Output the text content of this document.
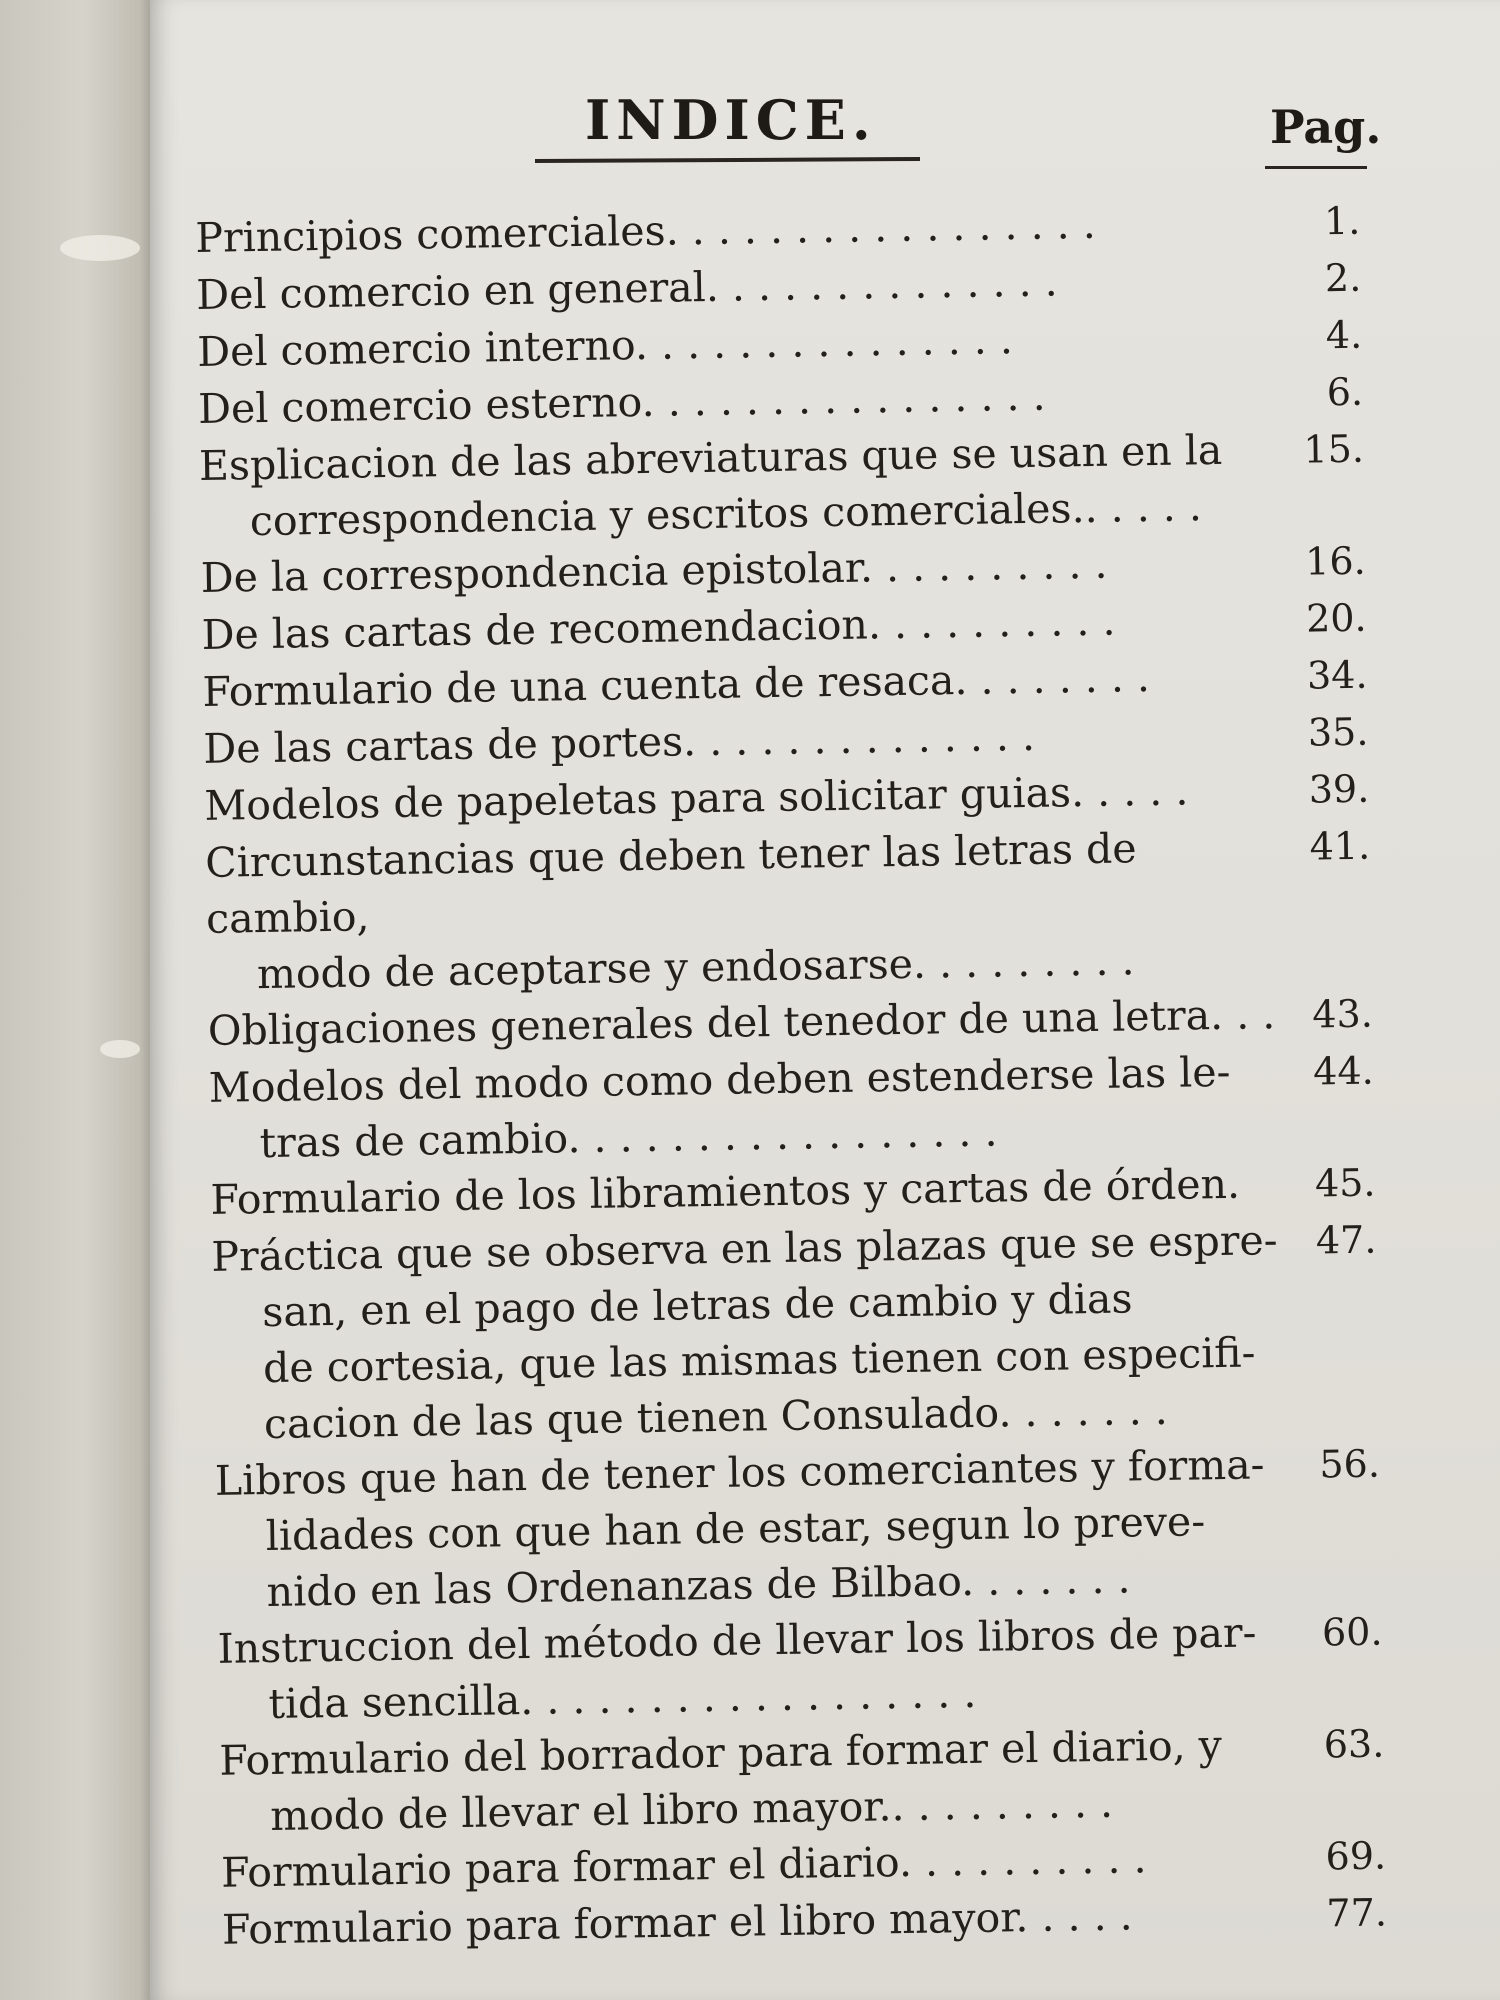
INDICE.	Pag.
Principios comerciales. . . . . . . . . . . . . . . . .	1.
Del comercio en general. . . . . . . . . . . . . .	2.
Del comercio interno. . . . . . . . . . . . . . .	4.
Del comercio esterno. . . . . . . . . . . . . . . .	6.
Esplicacion de las abreviaturas que se usan en la
correspondencia y escritos comerciales.. . . . .
15.
De la correspondencia epistolar. . . . . . . . . .	16.
De las cartas de recomendacion. . . . . . . . . .	20.
Formulario de una cuenta de resaca. . . . . . . .	34.
De las cartas de portes. . . . . . . . . . . . . .	35.
Modelos de papeletas para solicitar guias. . . . .	39.
Circunstancias que deben tener las letras de cambio,
modo de aceptarse y endosarse. . . . . . . . .
41.
Obligaciones generales del tenedor de una letra. . . 43.
Modelos del modo como deben estenderse las le-
tras de cambio. . . . . . . . . . . . . . . . .
44.
Formulario de los libramientos y cartas de órden.	45.
Práctica que se observa en las plazas que se espre-
san, en el pago de letras de cambio y dias
de cortesia, que las mismas tienen con especifi-
cacion de las que tienen Consulado. . . . . . .
47.
Libros que han de tener los comerciantes y forma-
lidades con que han de estar, segun lo preve-
nido en las Ordenanzas de Bilbao. . . . . . .
56.
Instruccion del método de llevar los libros de par-
tida sencilla. . . . . . . . . . . . . . . . . .
60.
Formulario del borrador para formar el diario, y
modo de llevar el libro mayor.. . . . . . . . .
63.
Formulario para formar el diario. . . . . . . . . .	69.
Formulario para formar el libro mayor. . . . .	77.
